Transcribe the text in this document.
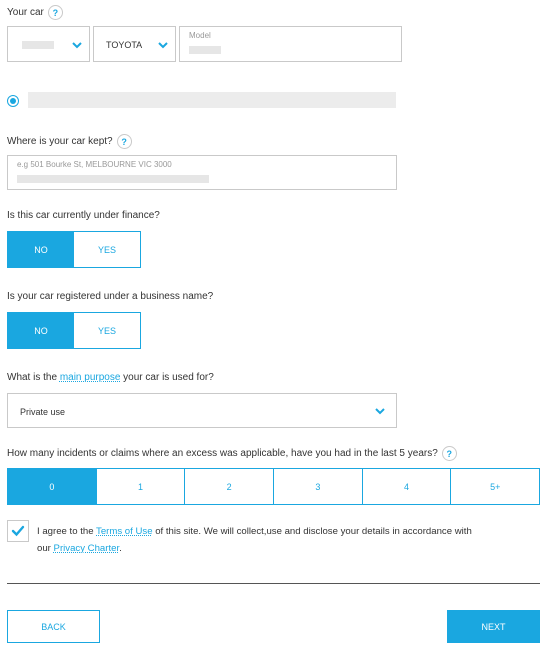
Your car ?
TOYOTA
Model
Where is your car kept? ?
e.g 501 Bourke St, MELBOURNE VIC 3000
Is this car currently under finance?
NO	YES
Is your car registered under a business name?
NO	YES
What is the main purpose your car is used for?
Private use
How many incidents or claims where an excess was applicable, have you had in the last 5 years? ?
0	1	2	3	4	5+
I agree to the Terms of Use of this site. We will collect,use and disclose your details in accordance with
our Privacy Charter.
BACK	NEXT
